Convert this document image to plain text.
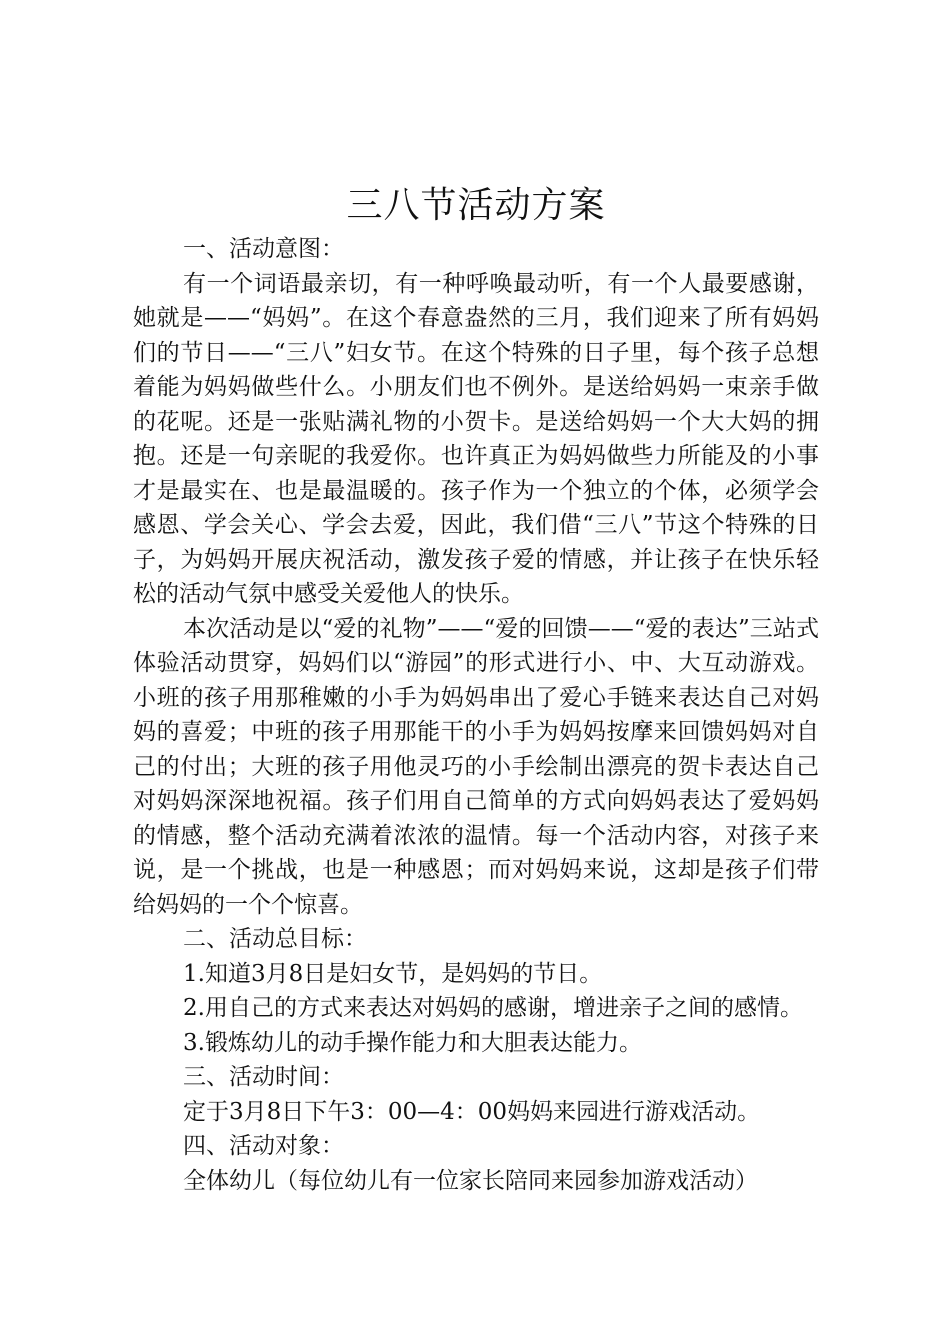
三八节活动方案

一、活动意图：

有一个词语最亲切，有一种呼唤最动听，有一个人最要感谢，她就是——“妈妈”。在这个春意盎然的三月，我们迎来了所有妈妈们的节日——“三八”妇女节。在这个特殊的日子里，每个孩子总想着能为妈妈做些什么。小朋友们也不例外。是送给妈妈一束亲手做的花呢。还是一张贴满礼物的小贺卡。是送给妈妈一个大大妈的拥抱。还是一句亲昵的我爱你。也许真正为妈妈做些力所能及的小事才是最实在、也是最温暖的。孩子作为一个独立的个体，必须学会感恩、学会关心、学会去爱，因此，我们借“三八”节这个特殊的日子，为妈妈开展庆祝活动，激发孩子爱的情感，并让孩子在快乐轻松的活动气氛中感受关爱他人的快乐。

本次活动是以“爱的礼物”——“爱的回馈——“爱的表达”三站式体验活动贯穿，妈妈们以“游园”的形式进行小、中、大互动游戏。小班的孩子用那稚嫩的小手为妈妈串出了爱心手链来表达自己对妈妈的喜爱；中班的孩子用那能干的小手为妈妈按摩来回馈妈妈对自己的付出；大班的孩子用他灵巧的小手绘制出漂亮的贺卡表达自己对妈妈深深地祝福。孩子们用自己简单的方式向妈妈表达了爱妈妈的情感，整个活动充满着浓浓的温情。每一个活动内容，对孩子来说，是一个挑战，也是一种感恩；而对妈妈来说，这却是孩子们带给妈妈的一个个惊喜。

二、活动总目标：

1.知道3月8日是妇女节，是妈妈的节日。

2.用自己的方式来表达对妈妈的感谢，增进亲子之间的感情。

3.锻炼幼儿的动手操作能力和大胆表达能力。

三、活动时间：

定于3月8日下午3：00—4：00妈妈来园进行游戏活动。

四、活动对象：

全体幼儿（每位幼儿有一位家长陪同来园参加游戏活动）
